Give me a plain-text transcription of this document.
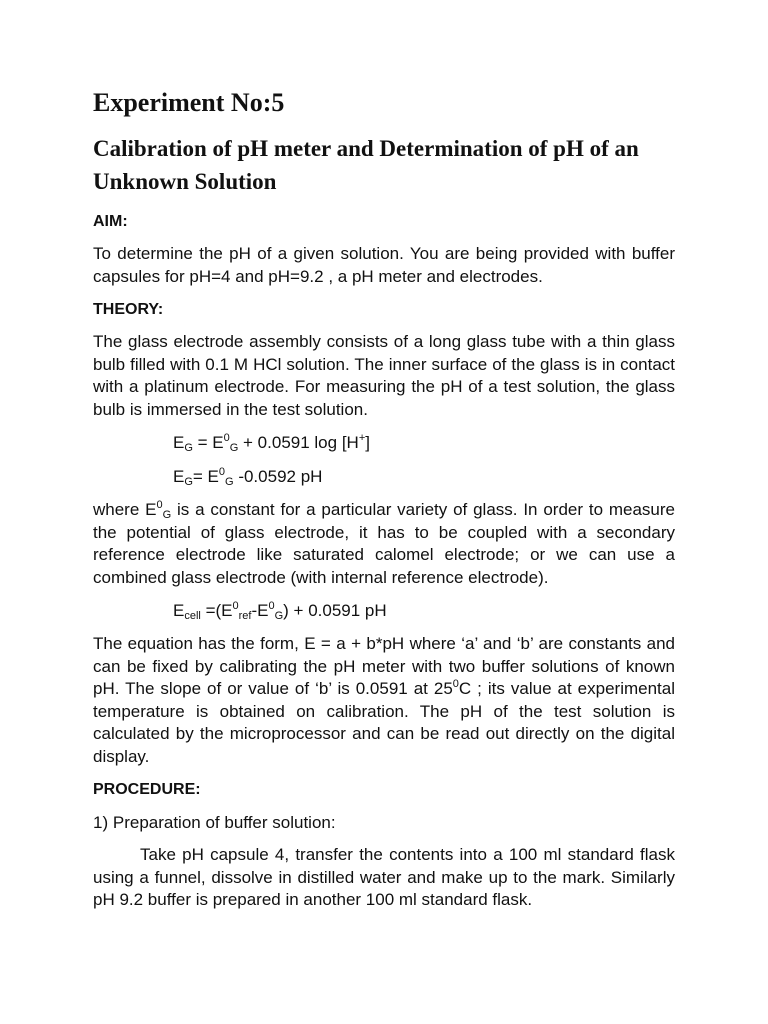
Experiment No:5
Calibration of pH meter and Determination of pH of an Unknown Solution
AIM:
To determine the pH of a given solution. You are being provided with buffer capsules for pH=4 and pH=9.2 , a pH meter and electrodes.
THEORY:
The glass electrode assembly consists of a long glass tube with a thin glass bulb filled with 0.1 M HCl solution. The inner surface of the glass is in contact with a platinum electrode. For measuring the pH of a test solution, the glass bulb is immersed in the test solution.
$E_G = E^0_G + 0.0591$ log [H+]
$E_G= E^0_G$ -0.0592 pH
where $E^0_G$ is a constant for a particular variety of glass. In order to measure the potential of glass electrode, it has to be coupled with a secondary reference electrode like saturated calomel electrode; or we can use a combined glass electrode (with internal reference electrode).
$E_{cell} =(E^0_{ref}-E^0_G) + 0.0591$ pH
The equation has the form, E = a + b*pH where ‘a’ and ‘b’ are constants and can be fixed by calibrating the pH meter with two buffer solutions of known pH. The slope of or value of ‘b’ is 0.0591 at $25^0C$ ; its value at experimental temperature is obtained on calibration. The pH of the test solution is calculated by the microprocessor and can be read out directly on the digital display.
PROCEDURE:
1) Preparation of buffer solution:
Take pH capsule 4, transfer the contents into a 100 ml standard flask using a funnel, dissolve in distilled water and make up to the mark. Similarly pH 9.2 buffer is prepared in another 100 ml standard flask.
